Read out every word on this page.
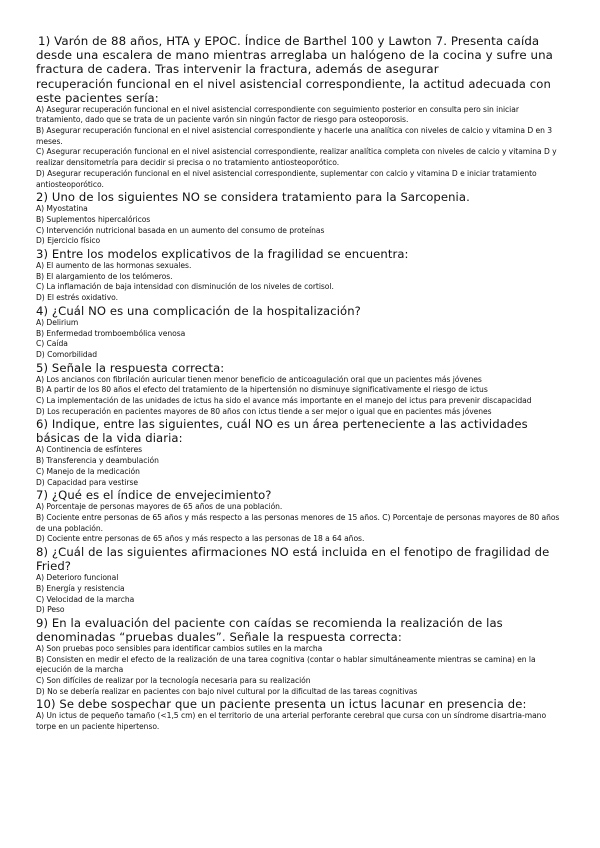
1) Varón de 88 años, HTA y EPOC. Índice de Barthel 100 y Lawton 7. Presenta caída desde una escalera de mano mientras arreglaba un halógeno de la cocina y sufre una fractura de cadera. Tras intervenir la fractura, además de asegurar

recuperación funcional en el nivel asistencial correspondiente, la actitud adecuada con este pacientes sería:

A) Asegurar recuperación funcional en el nivel asistencial correspondiente con seguimiento posterior en consulta pero sin iniciar tratamiento, dado que se trata de un paciente varón sin ningún factor de riesgo para osteoporosis.

B) Asegurar recuperación funcional en el nivel asistencial correspondiente y hacerle una analítica con niveles de calcio y vitamina D en 3 meses.

C) Asegurar recuperación funcional en el nivel asistencial correspondiente, realizar analítica completa con niveles de calcio y vitamina D y realizar densitometría para decidir si precisa o no tratamiento antiosteoporótico.

D) Asegurar recuperación funcional en el nivel asistencial correspondiente, suplementar con calcio y vitamina D e iniciar tratamiento antiosteoporótico.

2) Uno de los siguientes NO se considera tratamiento para la Sarcopenia.

A) Myostatina

B) Suplementos hipercalóricos

C) Intervención nutricional basada en un aumento del consumo de proteínas

D) Ejercicio físico

3) Entre los modelos explicativos de la fragilidad se encuentra:

A) El aumento de las hormonas sexuales.

B) El alargamiento de los telómeros.

C) La inflamación de baja intensidad con disminución de los niveles de cortisol.

D) El estrés oxidativo.

4) ¿Cuál NO es una complicación de la hospitalización?

A) Delirium

B) Enfermedad tromboembólica venosa

C) Caída

D) Comorbilidad

5) Señale la respuesta correcta:

A) Los ancianos con fibrilación auricular tienen menor beneficio de anticoagulación oral que un pacientes más jóvenes

B) A partir de los 80 años el efecto del tratamiento de la hipertensión no disminuye significativamente el riesgo de ictus

C) La implementación de las unidades de ictus ha sido el avance más importante en el manejo del ictus para prevenir discapacidad

D) Los recuperación en pacientes mayores de 80 años con ictus tiende a ser mejor o igual que en pacientes más jóvenes

6) Indique, entre las siguientes, cuál NO es un área perteneciente a las actividades básicas de la vida diaria:

A) Continencia de esfínteres

B) Transferencia y deambulación

C) Manejo de la medicación

D) Capacidad para vestirse

7) ¿Qué es el índice de envejecimiento?

A) Porcentaje de personas mayores de 65 años de una población.

B) Cociente entre personas de 65 años y más respecto a las personas menores de 15 años. C) Porcentaje de personas mayores de 80 años de una población.

D) Cociente entre personas de 65 años y más respecto a las personas de 18 a 64 años.

8) ¿Cuál de las siguientes afirmaciones NO está incluida en el fenotipo de fragilidad de Fried?

A) Deterioro funcional

B) Energía y resistencia

C) Velocidad de la marcha

D) Peso

9) En la evaluación del paciente con caídas se recomienda la realización de las denominadas “pruebas duales”. Señale la respuesta correcta:

A) Son pruebas poco sensibles para identificar cambios sutiles en la marcha

B) Consisten en medir el efecto de la realización de una tarea cognitiva (contar o hablar simultáneamente mientras se camina) en la ejecución de la marcha

C) Son difíciles de realizar por la tecnología necesaria para su realización

D) No se debería realizar en pacientes con bajo nivel cultural por la dificultad de las tareas cognitivas

10) Se debe sospechar que un paciente presenta un ictus lacunar en presencia de:

A) Un ictus de pequeño tamaño (<1,5 cm) en el territorio de una arterial perforante cerebral que cursa con un síndrome disartria-mano torpe en un paciente hipertenso.
